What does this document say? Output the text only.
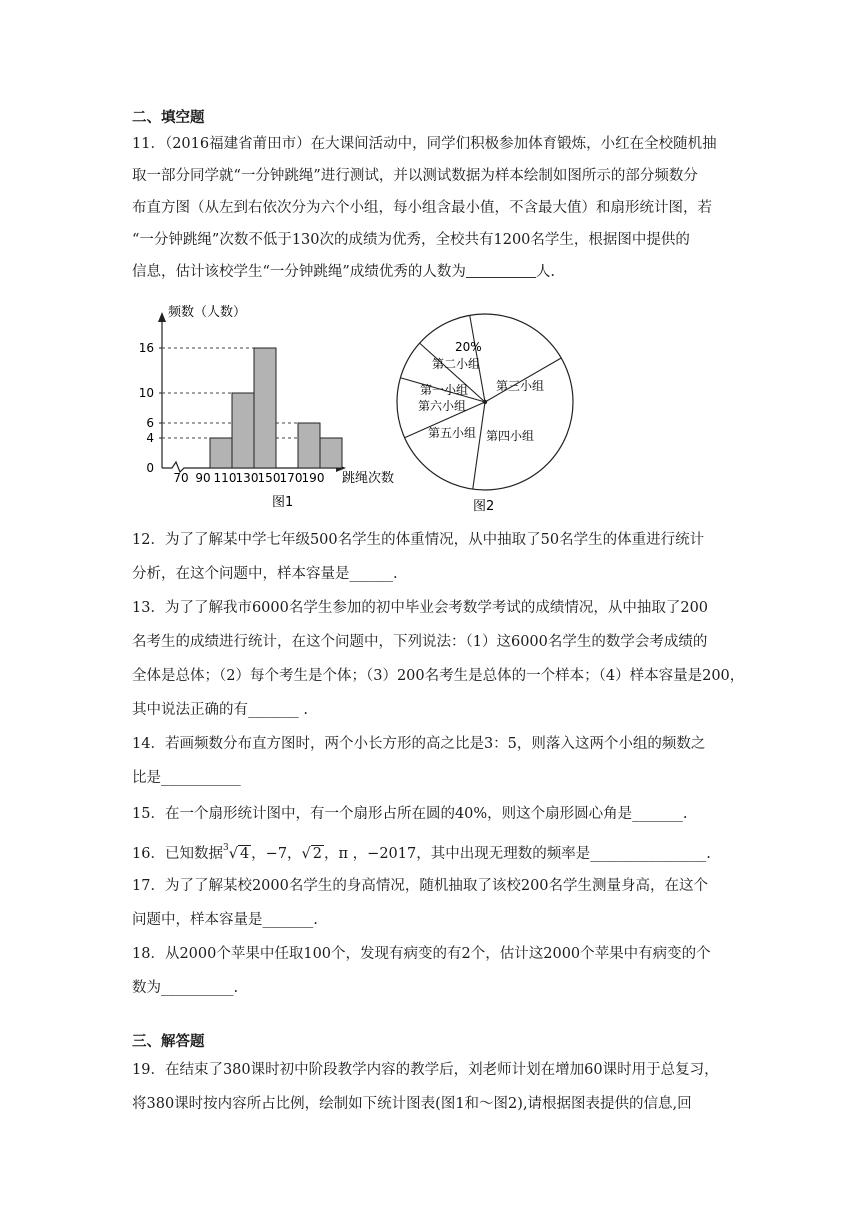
二、填空题
11．（2016福建省莆田市）在大课间活动中，同学们积极参加体育锻炼，小红在全校随机抽
取一部分同学就“一分钟跳绳”进行测试，并以测试数据为样本绘制如图所示的部分频数分
布直方图（从左到右依次分为六个小组，每小组含最小值，不含最大值）和扇形统计图，若
“一分钟跳绳”次数不低于130次的成绩为优秀，全校共有1200名学生，根据图中提供的
信息，估计该校学生“一分钟跳绳”成绩优秀的人数为	人.
频数（人数）
跳绳次数
图1
70 90 110 130 150 170 190
0
4
6
10
16
图2
20%
第二小组
第三小组
第一小组
第六小组
第五小组 第四小组
12．为了了解某中学七年级500名学生的体重情况，从中抽取了50名学生的体重进行统计
分析，在这个问题中，样本容量是______.
13．为了了解我市6000名学生参加的初中毕业会考数学考试的成绩情况，从中抽取了200
名考生的成绩进行统计，在这个问题中，下列说法：（1）这6000名学生的数学会考成绩的
全体是总体；（2）每个考生是个体；（3）200名考生是总体的一个样本；（4）样本容量是200，
其中说法正确的有_______ .
14．若画频数分布直方图时，两个小长方形的高之比是3：5，则落入这两个小组的频数之
比是___________
15．在一个扇形统计图中，有一个扇形占所在圆的40%，则这个扇形圆心角是_______.
16．已知数据$^3$√ 4 ，−7，√ 2 ，π ，−2017，其中出现无理数的频率是________________.
17．为了了解某校2000名学生的身高情况，随机抽取了该校200名学生测量身高，在这个
问题中，样本容量是_______.
18．从2000个苹果中任取100个，发现有病变的有2个，估计这2000个苹果中有病变的个
数为__________.
三、解答题
19．在结束了380课时初中阶段教学内容的教学后，刘老师计划在增加60课时用于总复习，
将380课时按内容所占比例，绘制如下统计图表(图1和～图2),请根据图表提供的信息,回
